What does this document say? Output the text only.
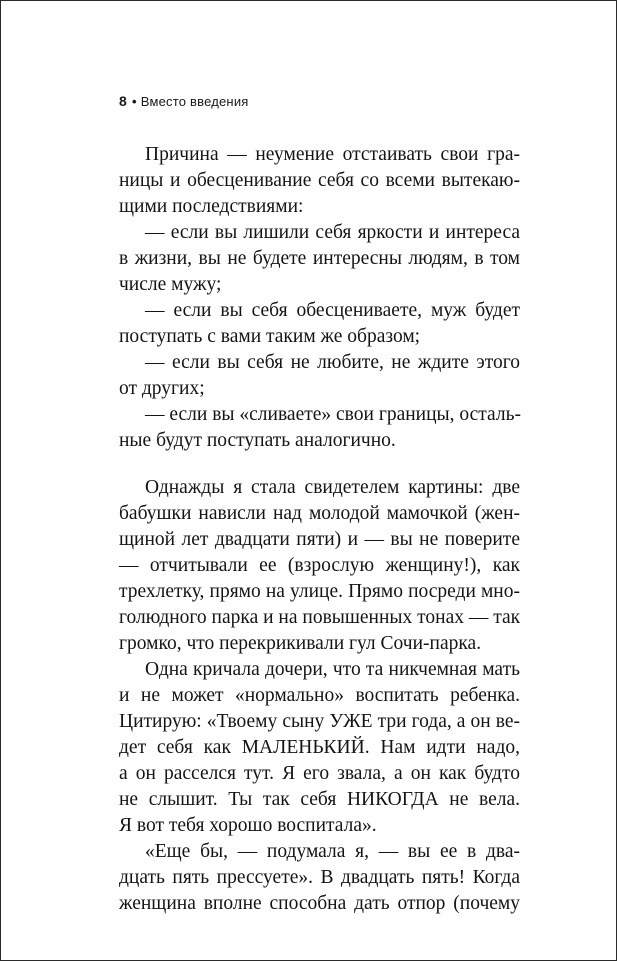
8 • Вместо введения
Причина — неумение отстаивать свои гра-
ницы и обесценивание себя со всеми вытекаю-
щими последствиями:
— если вы лишили себя яркости и интереса
в жизни, вы не будете интересны людям, в том
числе мужу;
— если вы себя обесцениваете, муж будет
поступать с вами таким же образом;
— если вы себя не любите, не ждите этого
от других;
— если вы «сливаете» свои границы, осталь-
ные будут поступать аналогично.
Однажды я стала свидетелем картины: две
бабушки нависли над молодой мамочкой (жен-
щиной лет двадцати пяти) и — вы не поверите
— отчитывали ее (взрослую женщину!), как
трехлетку, прямо на улице. Прямо посреди мно-
голюдного парка и на повышенных тонах — так
громко, что перекрикивали гул Сочи-парка.
Одна кричала дочери, что та никчемная мать
и не может «нормально» воспитать ребенка.
Цитирую: «Твоему сыну УЖЕ три года, а он ве-
дет себя как МАЛЕНЬКИЙ. Нам идти надо,
а он расселся тут. Я его звала, а он как будто
не слышит. Ты так себя НИКОГДА не вела.
Я вот тебя хорошо воспитала».
«Еще бы, — подумала я, — вы ее в два-
дцать пять прессуете». В двадцать пять! Когда
женщина вполне способна дать отпор (почему
